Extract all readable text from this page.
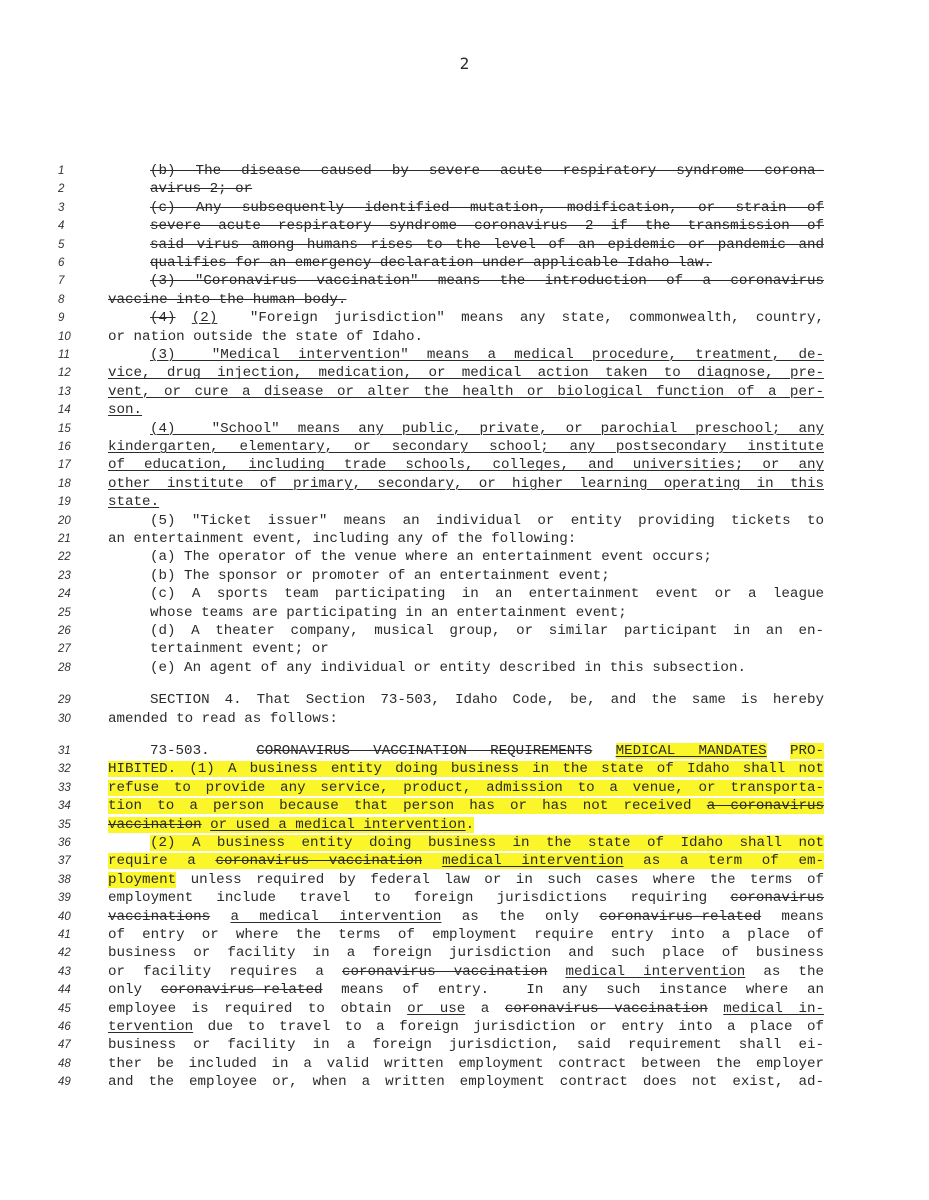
2
1	(b) The disease caused by severe acute respiratory syndrome corona-
2	avirus 2; or
3	(c) Any subsequently identified mutation, modification, or strain of
4	severe acute respiratory syndrome coronavirus 2 if the transmission of
5	said virus among humans rises to the level of an epidemic or pandemic and
6	qualifies for an emergency declaration under applicable Idaho law.
7	(3) "Coronavirus vaccination" means the introduction of a coronavirus
8	vaccine into the human body.
9	(4) (2)  "Foreign jurisdiction" means any state, commonwealth, country,
10	or nation outside the state of Idaho.
11	(3)  "Medical intervention" means a medical procedure, treatment, de-
12	vice, drug injection, medication, or medical action taken to diagnose, pre-
13	vent, or cure a disease or alter the health or biological function of a per-
14	son.
15	(4)  "School" means any public, private, or parochial preschool; any
16	kindergarten, elementary, or secondary school; any postsecondary institute
17	of education, including trade schools, colleges, and universities; or any
18	other institute of primary, secondary, or higher learning operating in this
19	state.
20	(5) "Ticket issuer" means an individual or entity providing tickets to
21	an entertainment event, including any of the following:
22	(a) The operator of the venue where an entertainment event occurs;
23	(b) The sponsor or promoter of an entertainment event;
24	(c) A sports team participating in an entertainment event or a league
25	whose teams are participating in an entertainment event;
26	(d) A theater company, musical group, or similar participant in an en-
27	tertainment event; or
28	(e) An agent of any individual or entity described in this subsection.
29	SECTION 4. That Section 73-503, Idaho Code, be, and the same is hereby
30	amended to read as follows:
31	73-503.  CORONAVIRUS VACCINATION REQUIREMENTS MEDICAL MANDATES PRO-
32	HIBITED. (1) A business entity doing business in the state of Idaho shall not
33	refuse to provide any service, product, admission to a venue, or transporta-
34	tion to a person because that person has or has not received a coronavirus
35	vaccination or used a medical intervention.
36	(2) A business entity doing business in the state of Idaho shall not
37	require a coronavirus vaccination medical intervention as a term of em-
38	ployment unless required by federal law or in such cases where the terms of
39	employment include travel to foreign jurisdictions requiring coronavirus
40	vaccinations a medical intervention as the only coronavirus-related means
41	of entry or where the terms of employment require entry into a place of
42	business or facility in a foreign jurisdiction and such place of business
43	or facility requires a coronavirus vaccination medical intervention as the
44	only coronavirus-related means of entry.  In any such instance where an
45	employee is required to obtain or use a coronavirus vaccination medical in-
46	tervention due to travel to a foreign jurisdiction or entry into a place of
47	business or facility in a foreign jurisdiction, said requirement shall ei-
48	ther be included in a valid written employment contract between the employer
49	and the employee or, when a written employment contract does not exist, ad-
